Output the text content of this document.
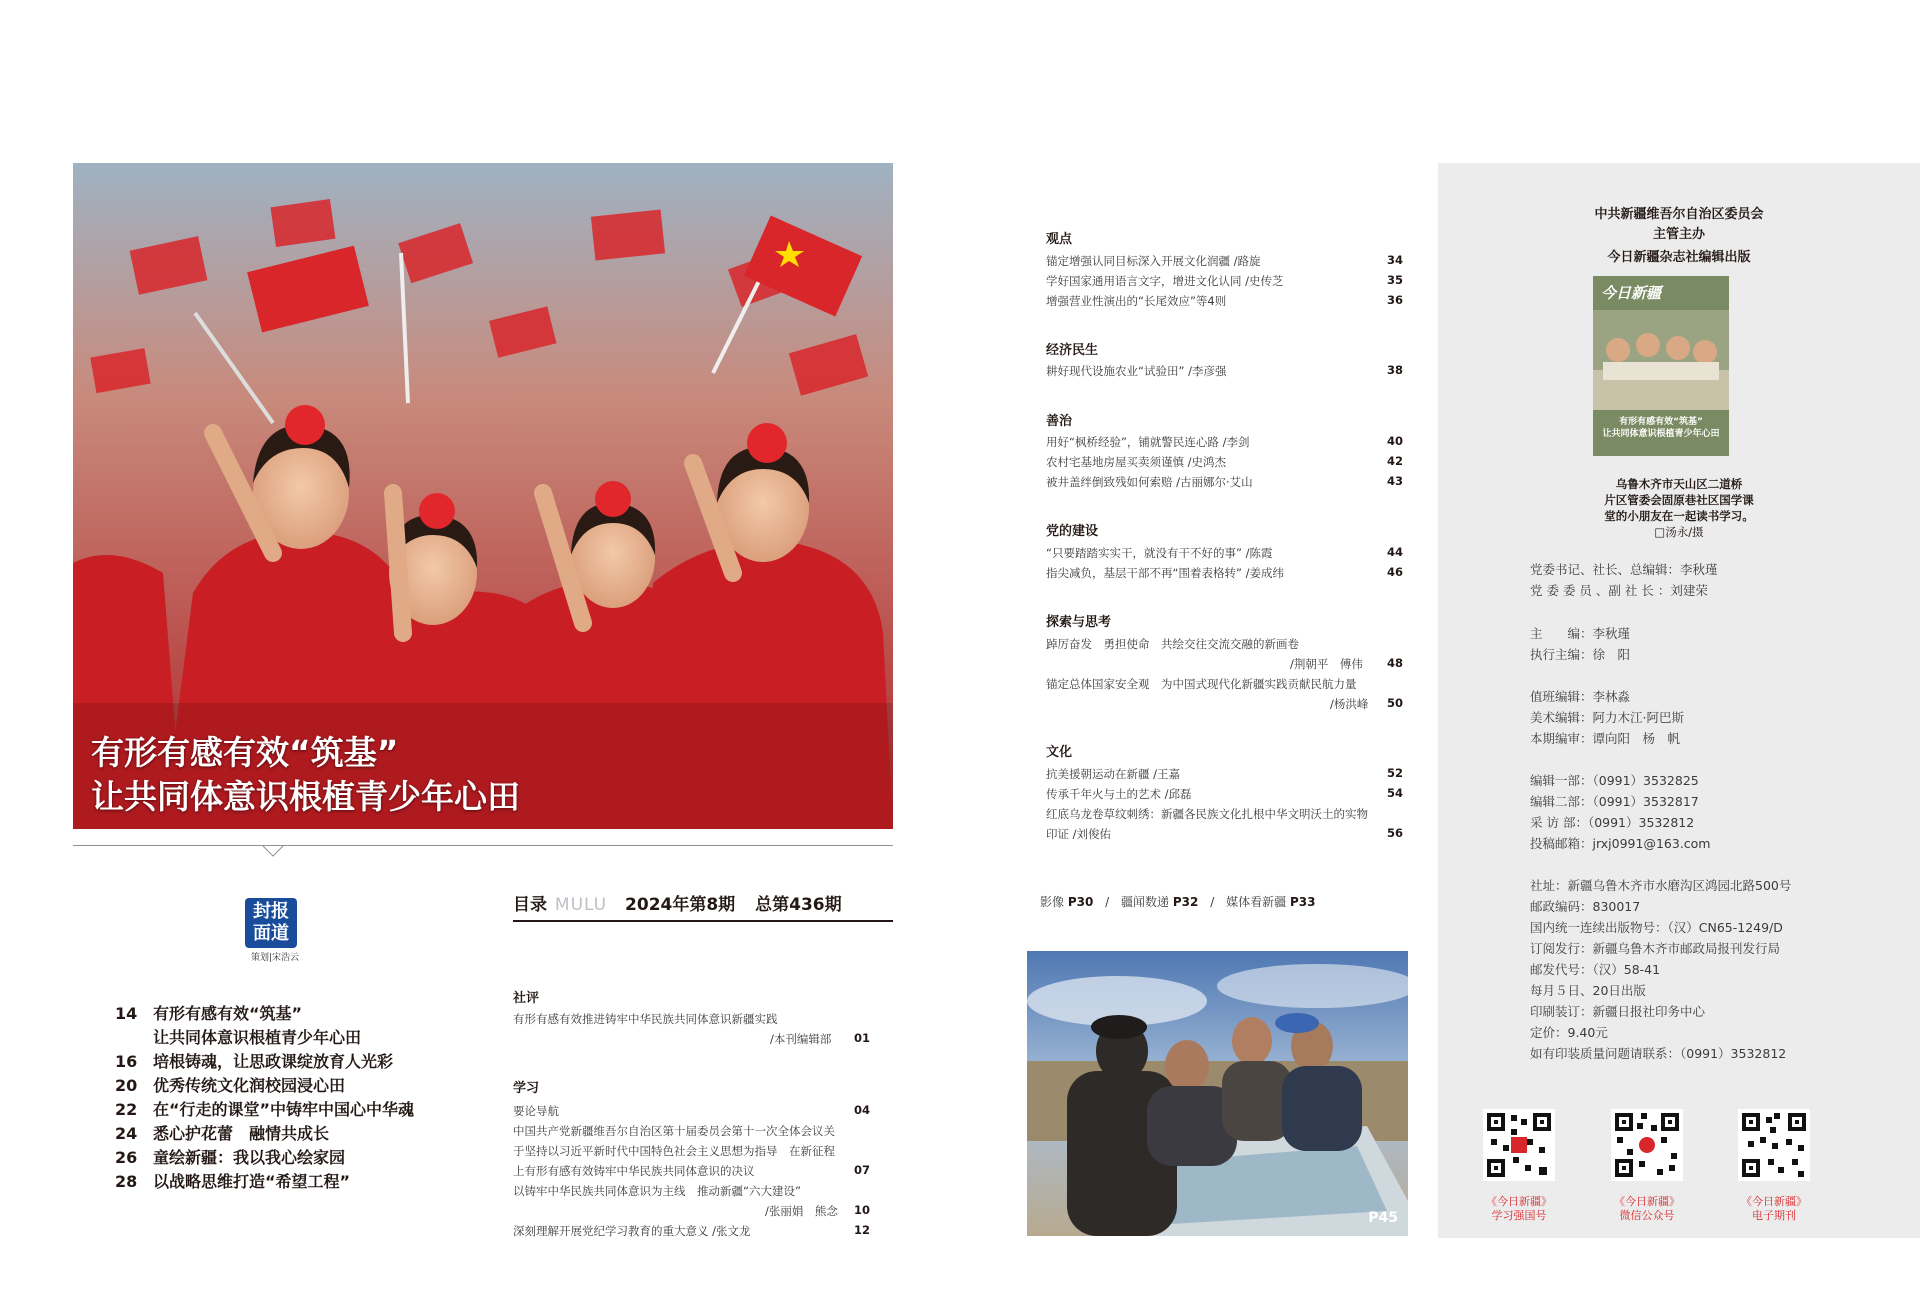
有形有感有效“筑基”
让共同体意识根植青少年心田
封报
面道
策划|宋浩云
14 有形有感有效“筑基”
让共同体意识根植青少年心田
16 培根铸魂，让思政课绽放育人光彩
20 优秀传统文化润校园浸心田
22 在“行走的课堂”中铸牢中国心中华魂
24 悉心护花蕾　融情共成长
26 童绘新疆：我以我心绘家园
28 以战略思维打造“希望工程”
目录 MULU 2024年第8期 总第436期
社评
有形有感有效推进铸牢中华民族共同体意识新疆实践
/本刊编辑部	01
学习
要论导航	04
中国共产党新疆维吾尔自治区第十届委员会第十一次全体会议关
于坚持以习近平新时代中国特色社会主义思想为指导　在新征程
上有形有感有效铸牢中华民族共同体意识的决议	07
以铸牢中华民族共同体意识为主线　推动新疆“六大建设”
/张丽娟　熊念	10
深刻理解开展党纪学习教育的重大意义 /张文龙	12
观点
锚定增强认同目标深入开展文化润疆 /路旋	34
学好国家通用语言文字，增进文化认同 /史传芝	35
增强营业性演出的“长尾效应”等4则	36
经济民生
耕好现代设施农业“试验田” /李彦强	38
善治
用好“枫桥经验”，铺就警民连心路 /李剑	40
农村宅基地房屋买卖须谨慎 /史鸿杰	42
被井盖绊倒致残如何索赔 /古丽娜尔·艾山	43
党的建设
“只要踏踏实实干，就没有干不好的事” /陈霞	44
指尖减负，基层干部不再“围着表格转” /姜成纬	46
探索与思考
踔厉奋发　勇担使命　共绘交往交流交融的新画卷
/荆朝平　傅伟	48
锚定总体国家安全观　为中国式现代化新疆实践贡献民航力量
/杨洪峰	50
文化
抗美援朝运动在新疆 /王嘉	52
传承千年火与土的艺术 /邱磊	54
红底乌龙卷草纹刺绣：新疆各民族文化扎根中华文明沃土的实物
印证 /刘俊佑	56
影像 P30 / 疆闻数递 P32 / 媒体看新疆 P33
P45
中共新疆维吾尔自治区委员会
主管主办
今日新疆杂志社编辑出版
今日新疆
有形有感有效“筑基”
让共同体意识根植青少年心田
乌鲁木齐市天山区二道桥
片区管委会固原巷社区国学课
堂的小朋友在一起读书学习。
□汤永/摄
党委书记、社长、总编辑：李秋瑾
党 委 委 员 、副 社 长 ：刘建荣
主　　编：李秋瑾
执行主编：徐　阳
值班编辑：李林淼
美术编辑：阿力木江·阿巴斯
本期编审：谭向阳　杨　帆
编辑一部：（0991）3532825
编辑二部：（0991）3532817
采 访 部：（0991）3532812
投稿邮箱：jrxj0991@163.com
社址：新疆乌鲁木齐市水磨沟区鸿园北路500号
邮政编码：830017
国内统一连续出版物号：（汉）CN65-1249/D
订阅发行：新疆乌鲁木齐市邮政局报刊发行局
邮发代号：（汉）58-41
每月５日、20日出版
印刷装订：新疆日报社印务中心
定价：9.40元
如有印装质量问题请联系：（0991）3532812
《今日新疆》
学习强国号
《今日新疆》
微信公众号
《今日新疆》
电子期刊
